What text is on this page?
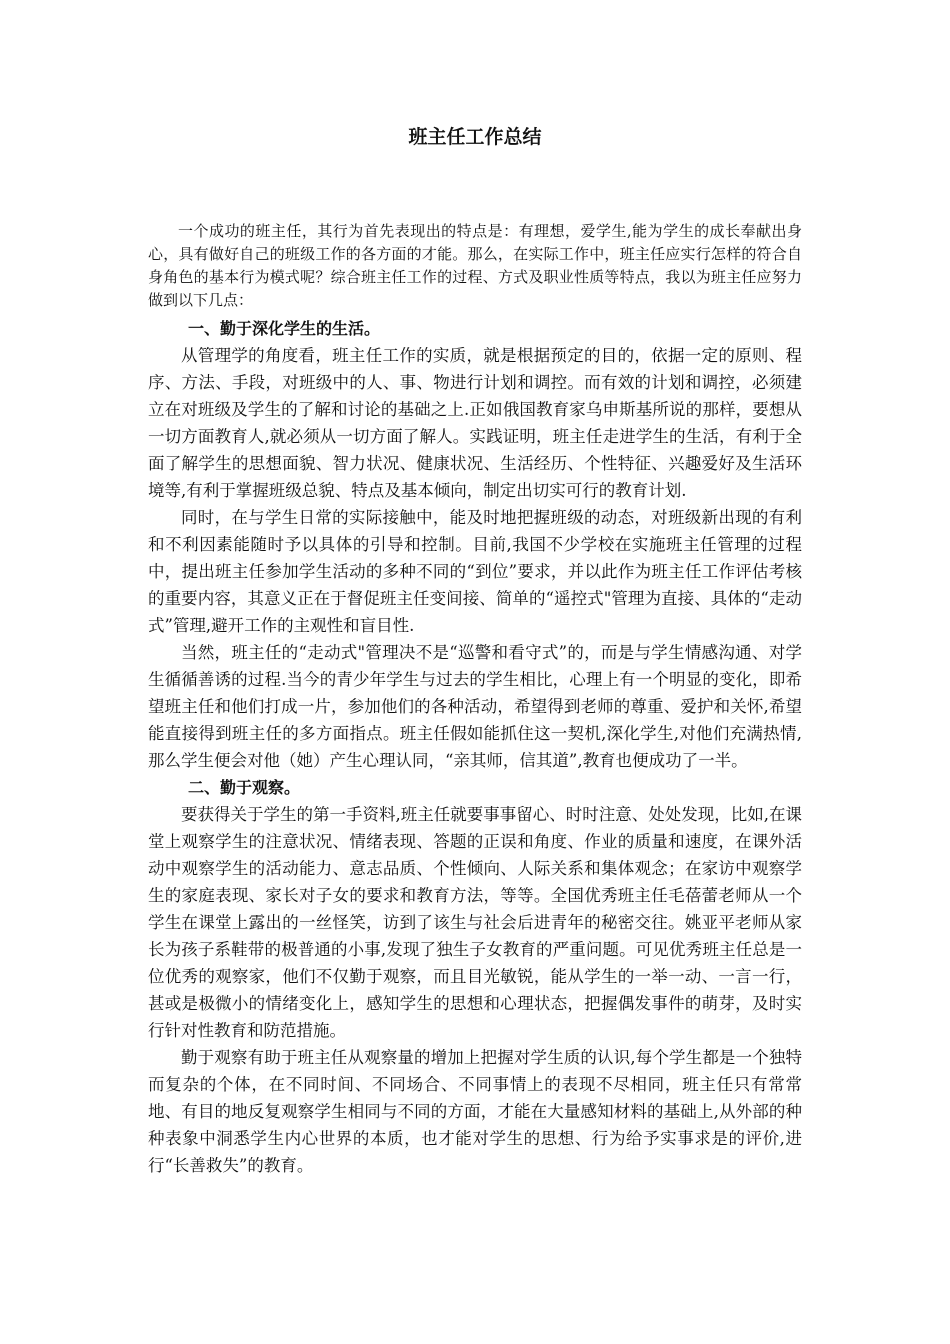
班主任工作总结

一个成功的班主任，其行为首先表现出的特点是：有理想，爱学生,能为学生的成长奉献出身心，具有做好自己的班级工作的各方面的才能。那么，在实际工作中，班主任应实行怎样的符合自身角色的基本行为模式呢？综合班主任工作的过程、方式及职业性质等特点，我以为班主任应努力做到以下几点：

一、勤于深化学生的生活。

从管理学的角度看，班主任工作的实质，就是根据预定的目的，依据一定的原则、程序、方法、手段，对班级中的人、事、物进行计划和调控。而有效的计划和调控，必须建立在对班级及学生的了解和讨论的基础之上.正如俄国教育家乌申斯基所说的那样，要想从一切方面教育人,就必须从一切方面了解人。实践证明，班主任走进学生的生活，有利于全面了解学生的思想面貌、智力状况、健康状况、生活经历、个性特征、兴趣爱好及生活环境等,有利于掌握班级总貌、特点及基本倾向，制定出切实可行的教育计划.

同时，在与学生日常的实际接触中，能及时地把握班级的动态，对班级新出现的有利和不利因素能随时予以具体的引导和控制。目前,我国不少学校在实施班主任管理的过程中，提出班主任参加学生活动的多种不同的“到位”要求，并以此作为班主任工作评估考核的重要内容，其意义正在于督促班主任变间接、简单的“遥控式"管理为直接、具体的“走动式”管理,避开工作的主观性和盲目性.

当然，班主任的“走动式"管理决不是“巡警和看守式”的，而是与学生情感沟通、对学生循循善诱的过程.当今的青少年学生与过去的学生相比，心理上有一个明显的变化，即希望班主任和他们打成一片，参加他们的各种活动，希望得到老师的尊重、爱护和关怀,希望能直接得到班主任的多方面指点。班主任假如能抓住这一契机,深化学生,对他们充满热情,那么学生便会对他（她）产生心理认同，“亲其师，信其道”,教育也便成功了一半。

二、勤于观察。

要获得关于学生的第一手资料,班主任就要事事留心、时时注意、处处发现，比如,在课堂上观察学生的注意状况、情绪表现、答题的正误和角度、作业的质量和速度，在课外活动中观察学生的活动能力、意志品质、个性倾向、人际关系和集体观念；在家访中观察学生的家庭表现、家长对子女的要求和教育方法，等等。全国优秀班主任毛蓓蕾老师从一个学生在课堂上露出的一丝怪笑，访到了该生与社会后进青年的秘密交往。姚亚平老师从家长为孩子系鞋带的极普通的小事,发现了独生子女教育的严重问题。可见优秀班主任总是一位优秀的观察家，他们不仅勤于观察，而且目光敏锐，能从学生的一举一动、一言一行，甚或是极微小的情绪变化上，感知学生的思想和心理状态，把握偶发事件的萌芽，及时实行针对性教育和防范措施。

勤于观察有助于班主任从观察量的增加上把握对学生质的认识,每个学生都是一个独特而复杂的个体，在不同时间、不同场合、不同事情上的表现不尽相同，班主任只有常常地、有目的地反复观察学生相同与不同的方面，才能在大量感知材料的基础上,从外部的种种表象中洞悉学生内心世界的本质，也才能对学生的思想、行为给予实事求是的评价,进行“长善救失”的教育。
